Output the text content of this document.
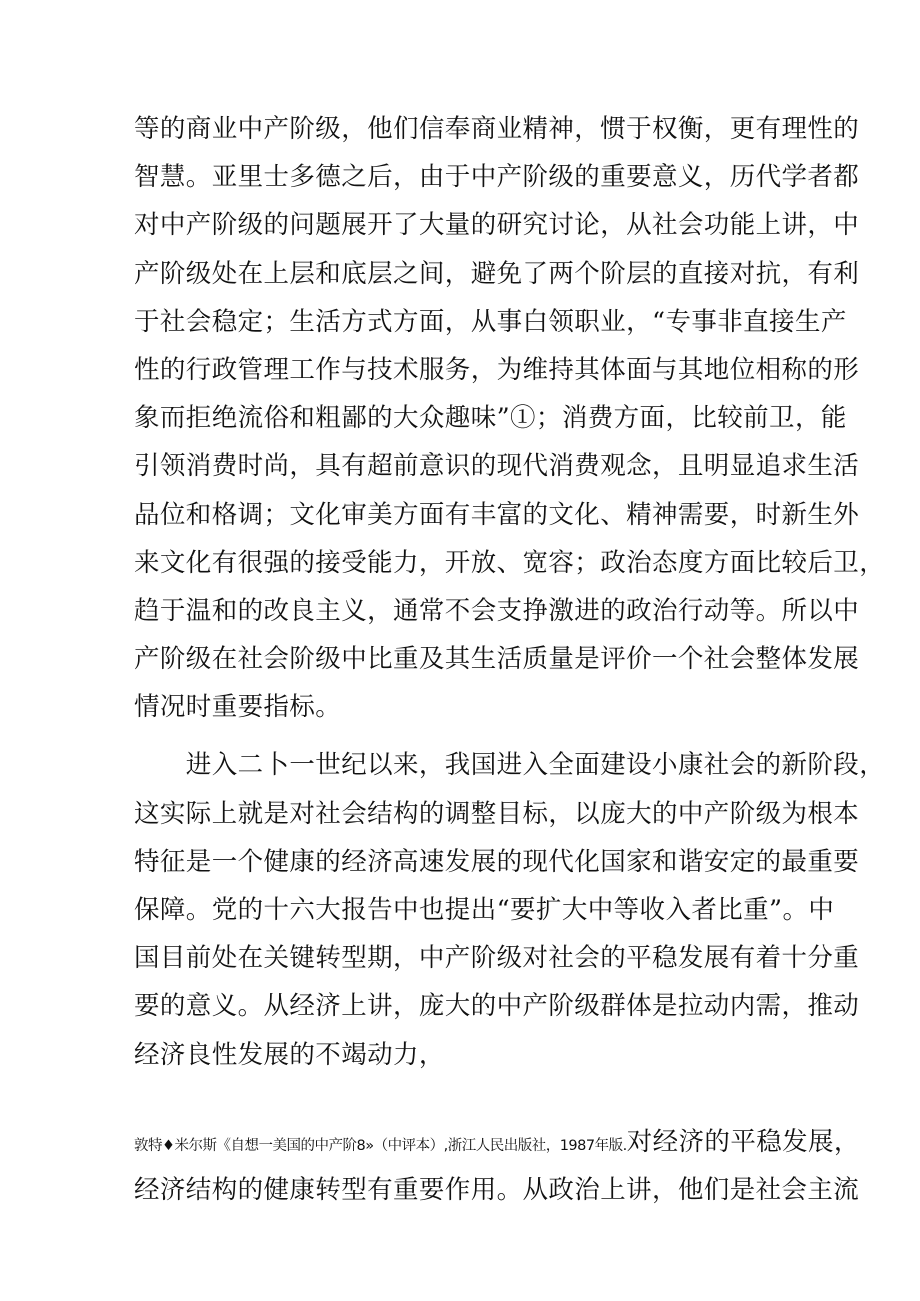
等的商业中产阶级，他们信奉商业精神，惯于权衡，更有理性的
智慧。亚里士多德之后，由于中产阶级的重要意义，历代学者都
对中产阶级的问题展开了大量的研究讨论，从社会功能上讲，中
产阶级处在上层和底层之间，避免了两个阶层的直接对抗，有利
于社会稳定；生活方式方面，从事白领职业，“专事非直接生产
性的行政管理工作与技术服务，为维持其体面与其地位相称的形
象而拒绝流俗和粗鄙的大众趣味”①；消费方面，比较前卫，能
引领消费时尚，具有超前意识的现代消费观念，且明显追求生活
品位和格调；文化审美方面有丰富的文化、精神需要，时新生外
来文化有很强的接受能力，开放、宽容；政治态度方面比较后卫，
趋于温和的改良主义，通常不会支挣激进的政治行动等。所以中
产阶级在社会阶级中比重及其生活质量是评价一个社会整体发展
情况时重要指标。
　　进入二卜一世纪以来，我国进入全面建设小康社会的新阶段，
这实际上就是对社会结构的调整目标，以庞大的中产阶级为根本
特征是一个健康的经济高速发展的现代化国家和谐安定的最重要
保障。党的十六大报告中也提出“要扩大中等收入者比重”。中
国目前处在关键转型期，中产阶级对社会的平稳发展有着十分重
要的意义。从经济上讲，庞大的中产阶级群体是拉动内需，推动
经济良性发展的不竭动力，
敦特♦米尔斯《自想一美国的中产阶8»（中评本）,浙江人民出版社，1987年版.对经济的平稳发展，
经济结构的健康转型有重要作用。从政治上讲，他们是社会主流
